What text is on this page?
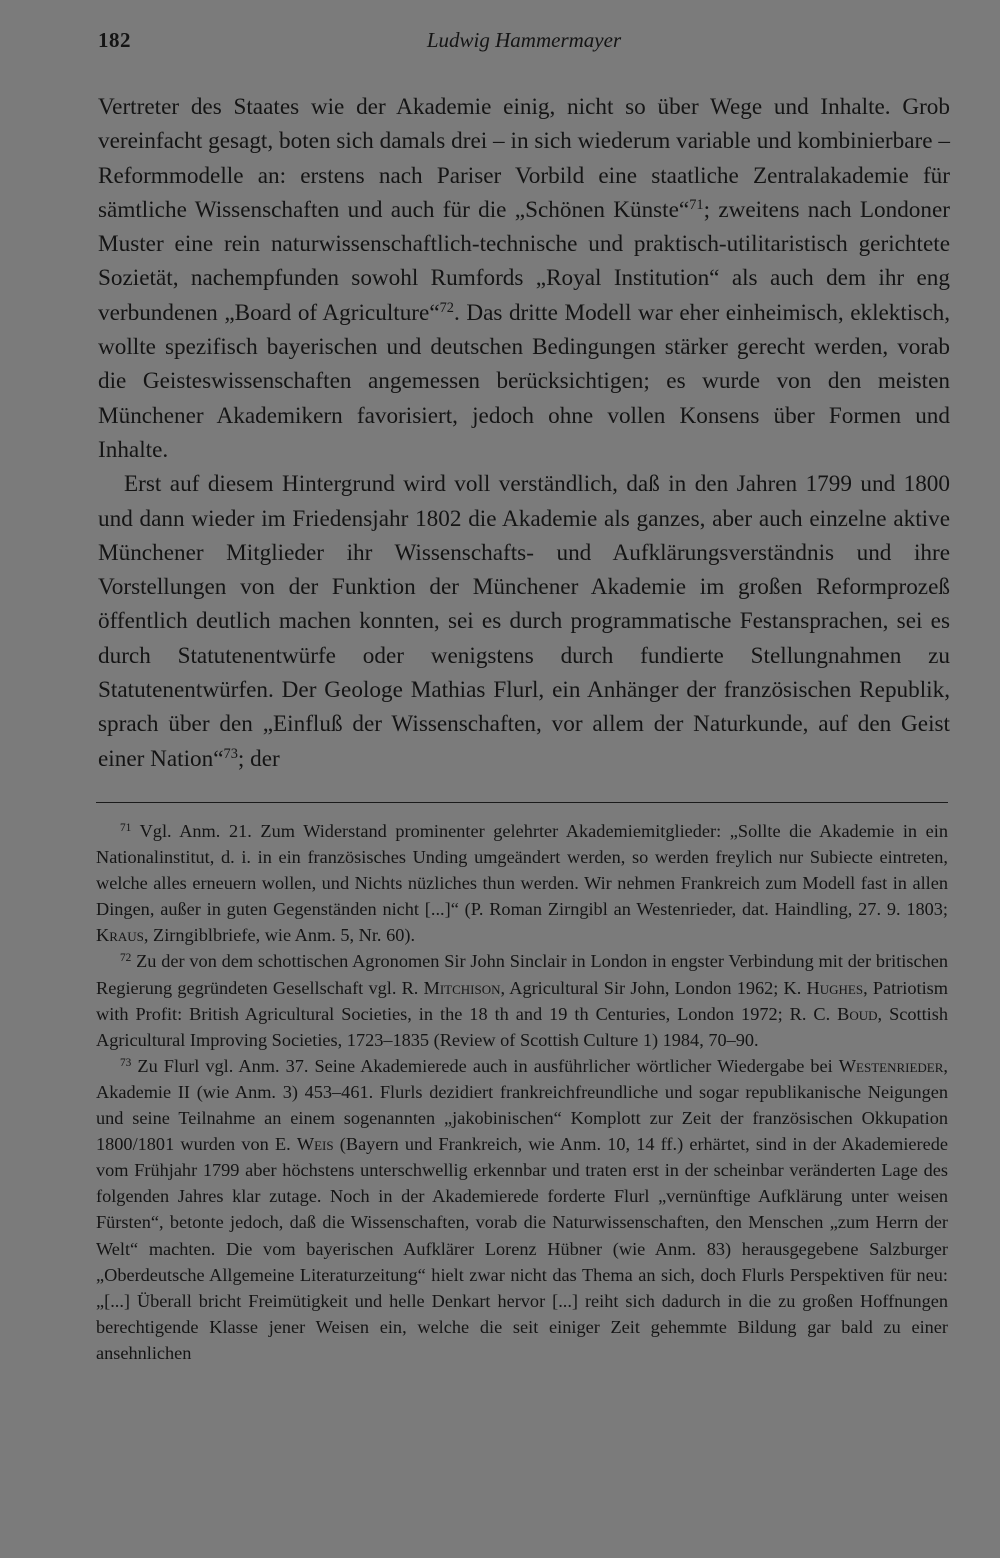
182	Ludwig Hammermayer

Vertreter des Staates wie der Akademie einig, nicht so über Wege und Inhalte. Grob vereinfacht gesagt, boten sich damals drei – in sich wiederum variable und kombinierbare – Reformmodelle an: erstens nach Pariser Vorbild eine staatliche Zentralakademie für sämtliche Wissenschaften und auch für die „Schönen Künste“$^{71}$; zweitens nach Londoner Muster eine rein naturwissenschaftlich-technische und praktisch-utilitaristisch gerichtete Sozietät, nachempfunden sowohl Rumfords „Royal Institution“ als auch dem ihr eng verbundenen „Board of Agriculture“$^{72}$. Das dritte Modell war eher einheimisch, eklektisch, wollte spezifisch bayerischen und deutschen Bedingungen stärker gerecht werden, vorab die Geisteswissenschaften angemessen berücksichtigen; es wurde von den meisten Münchener Akademikern favorisiert, jedoch ohne vollen Konsens über Formen und Inhalte.

Erst auf diesem Hintergrund wird voll verständlich, daß in den Jahren 1799 und 1800 und dann wieder im Friedensjahr 1802 die Akademie als ganzes, aber auch einzelne aktive Münchener Mitglieder ihr Wissenschafts- und Aufklärungsverständnis und ihre Vorstellungen von der Funktion der Münchener Akademie im großen Reformprozeß öffentlich deutlich machen konnten, sei es durch programmatische Festansprachen, sei es durch Statutenentwürfe oder wenigstens durch fundierte Stellungnahmen zu Statutenentwürfen. Der Geologe Mathias Flurl, ein Anhänger der französischen Republik, sprach über den „Einfluß der Wissenschaften, vor allem der Naturkunde, auf den Geist einer Nation“$^{73}$; der

$^{71}$ Vgl. Anm. 21. Zum Widerstand prominenter gelehrter Akademiemitglieder: „Sollte die Akademie in ein Nationalinstitut, d. i. in ein französisches Unding umgeändert werden, so werden freylich nur Subiecte eintreten, welche alles erneuern wollen, und Nichts nüzliches thun werden. Wir nehmen Frankreich zum Modell fast in allen Dingen, außer in guten Gegenständen nicht [...]“ (P. Roman Zirngibl an Westenrieder, dat. Haindling, 27. 9. 1803; Kraus, Zirngiblbriefe, wie Anm. 5, Nr. 60).

$^{72}$ Zu der von dem schottischen Agronomen Sir John Sinclair in London in engster Verbindung mit der britischen Regierung gegründeten Gesellschaft vgl. R. Mitchison, Agricultural Sir John, London 1962; K. Hughes, Patriotism with Profit: British Agricultural Societies, in the 18 th and 19 th Centuries, London 1972; R. C. Boud, Scottish Agricultural Improving Societies, 1723–1835 (Review of Scottish Culture 1) 1984, 70–90.

$^{73}$ Zu Flurl vgl. Anm. 37. Seine Akademierede auch in ausführlicher wörtlicher Wiedergabe bei Westenrieder, Akademie II (wie Anm. 3) 453–461. Flurls dezidiert frankreichfreundliche und sogar republikanische Neigungen und seine Teilnahme an einem sogenannten „jakobinischen“ Komplott zur Zeit der französischen Okkupation 1800/1801 wurden von E. Weis (Bayern und Frankreich, wie Anm. 10, 14 ff.) erhärtet, sind in der Akademierede vom Frühjahr 1799 aber höchstens unterschwellig erkennbar und traten erst in der scheinbar veränderten Lage des folgenden Jahres klar zutage. Noch in der Akademierede forderte Flurl „vernünftige Aufklärung unter weisen Fürsten“, betonte jedoch, daß die Wissenschaften, vorab die Naturwissenschaften, den Menschen „zum Herrn der Welt“ machten. Die vom bayerischen Aufklärer Lorenz Hübner (wie Anm. 83) herausgegebene Salzburger „Oberdeutsche Allgemeine Literaturzeitung“ hielt zwar nicht das Thema an sich, doch Flurls Perspektiven für neu: „[...] Überall bricht Freimütigkeit und helle Denkart hervor [...] reiht sich dadurch in die zu großen Hoffnungen berechtigende Klasse jener Weisen ein, welche die seit einiger Zeit gehemmte Bildung gar bald zu einer ansehnlichen
